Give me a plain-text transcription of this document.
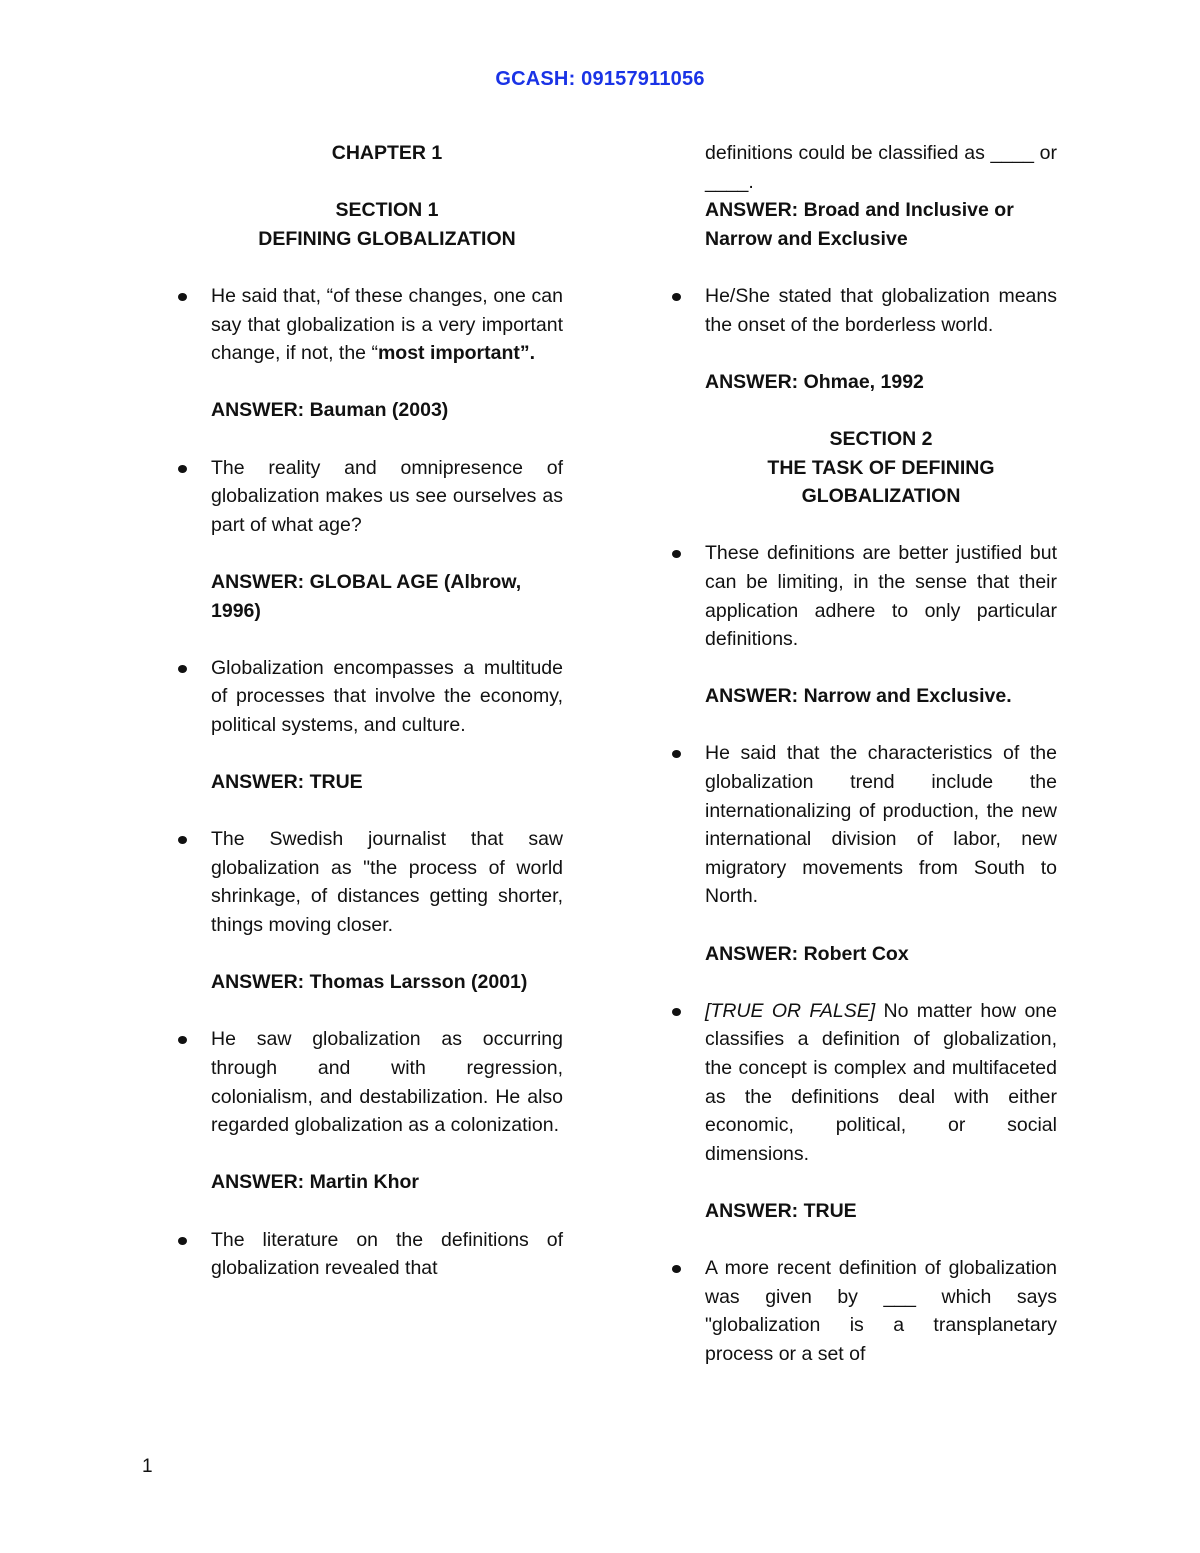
GCASH: 09157911056

CHAPTER 1

SECTION 1

DEFINING GLOBALIZATION

He said that, “of these changes, one can say that globalization is a very important change, if not, the “most important”.

ANSWER: Bauman (2003)

The reality and omnipresence of globalization makes us see ourselves as part of what age?

ANSWER: GLOBAL AGE (Albrow, 1996)

Globalization encompasses a multitude of processes that involve the economy, political systems, and culture.

ANSWER: TRUE

The Swedish journalist that saw globalization as "the process of world shrinkage, of distances getting shorter, things moving closer.

ANSWER: Thomas Larsson (2001)

He saw globalization as occurring through and with regression, colonialism, and destabilization. He also regarded globalization as a colonization.

ANSWER: Martin Khor

The literature on the definitions of globalization revealed that

definitions could be classified as ____ or ____.

ANSWER: Broad and Inclusive or Narrow and Exclusive

He/She stated that globalization means the onset of the borderless world.

ANSWER: Ohmae, 1992

SECTION 2

THE TASK OF DEFINING GLOBALIZATION

These definitions are better justified but can be limiting, in the sense that their application adhere to only particular definitions.

ANSWER: Narrow and Exclusive.

He said that the characteristics of the globalization trend include the internationalizing of production, the new international division of labor, new migratory movements from South to North.

ANSWER: Robert Cox

[TRUE OR FALSE] No matter how one classifies a definition of globalization, the concept is complex and multifaceted as the definitions deal with either economic, political, or social dimensions.

ANSWER: TRUE

A more recent definition of globalization was given by ___ which says "globalization is a transplanetary process or a set of
1
